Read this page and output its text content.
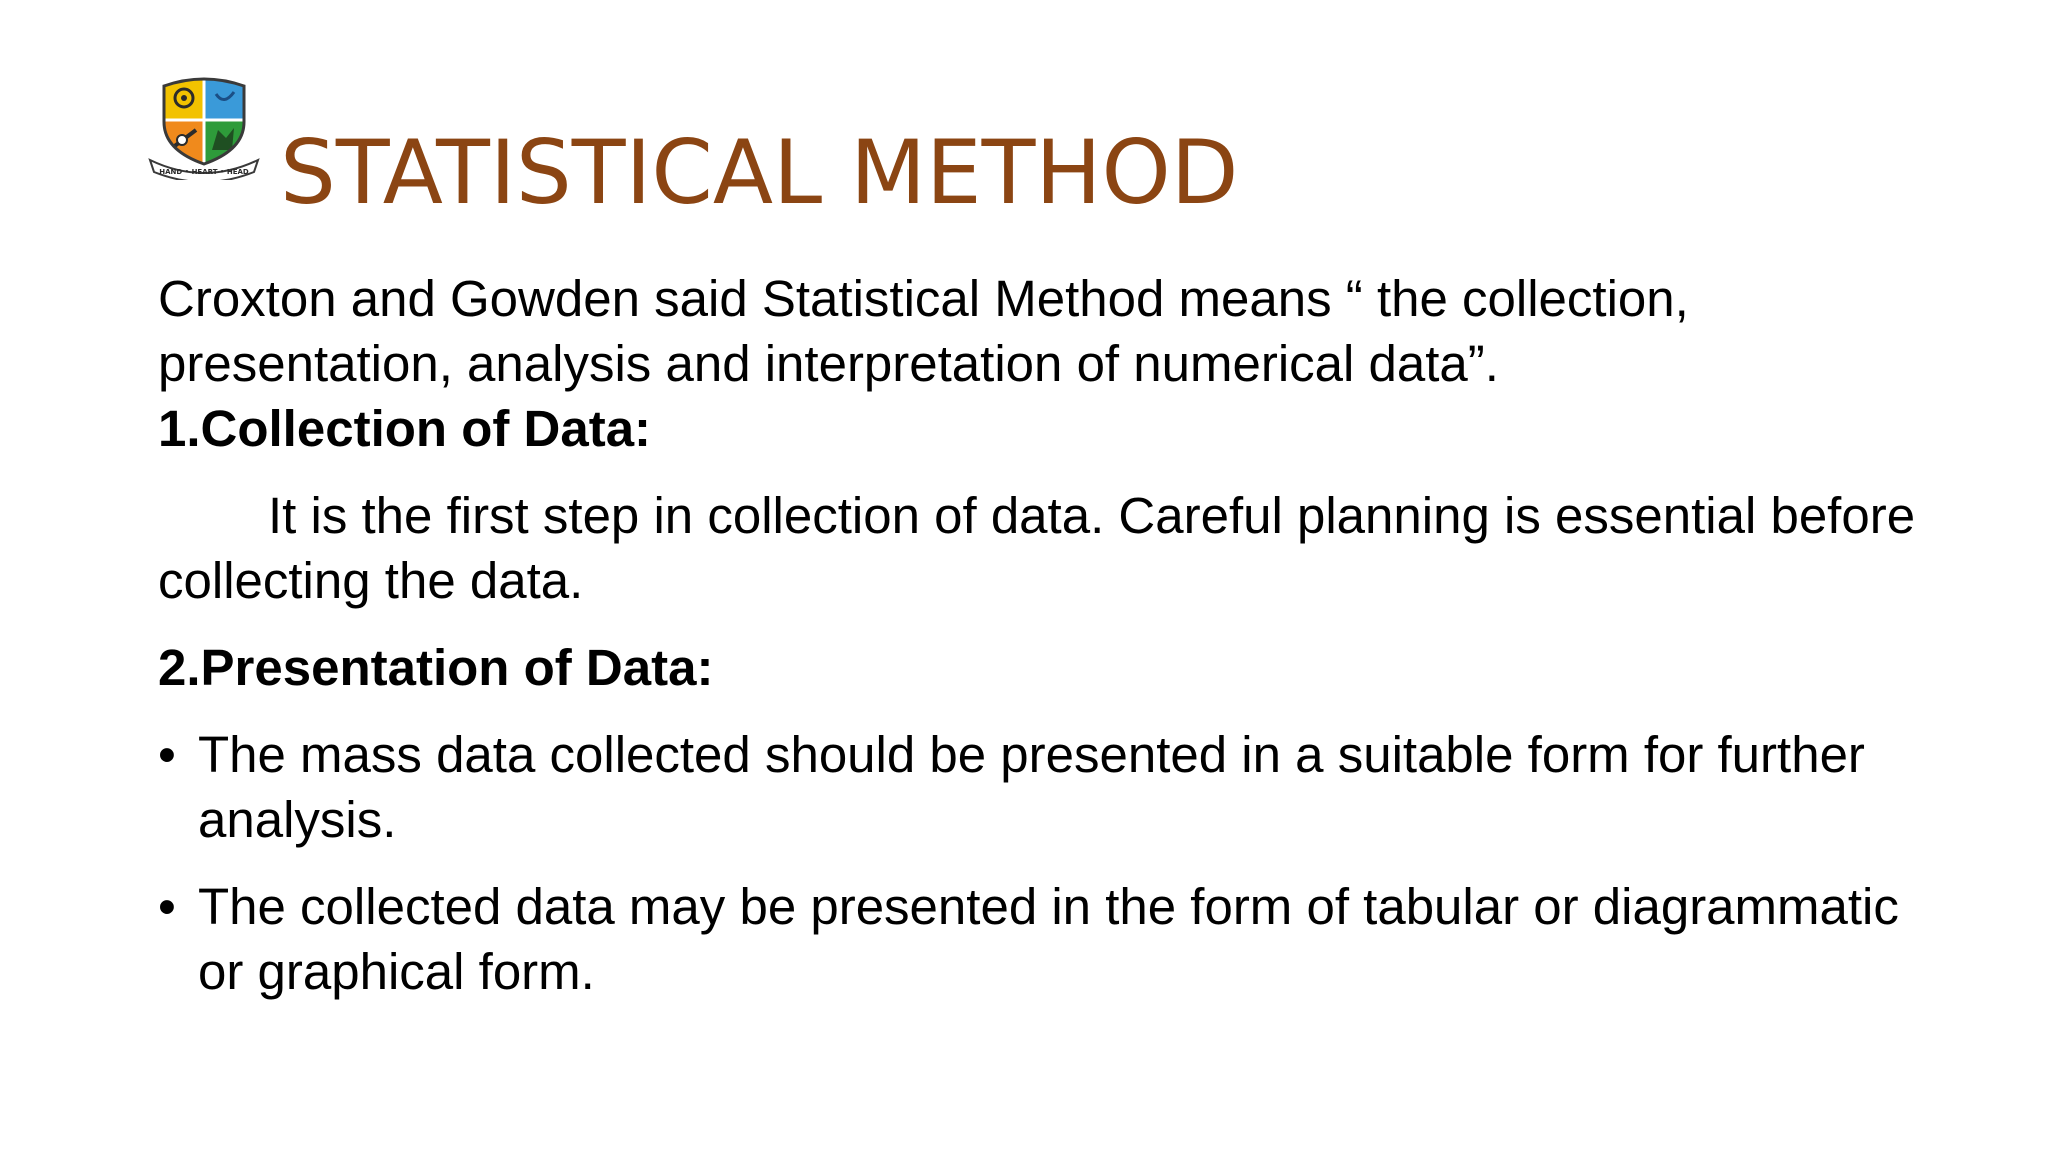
HAND • HEART • HEAD STATISTICAL METHOD

Croxton and Gowden said Statistical Method means “ the collection, presentation, analysis and interpretation of numerical data”.

1.Collection of Data:

It is the first step in collection of data. Careful planning is essential before collecting the data.

2.Presentation of Data:

• The mass data collected should be presented in a suitable form for further analysis.
• The collected data may be presented in the form of tabular or diagrammatic or graphical form.
